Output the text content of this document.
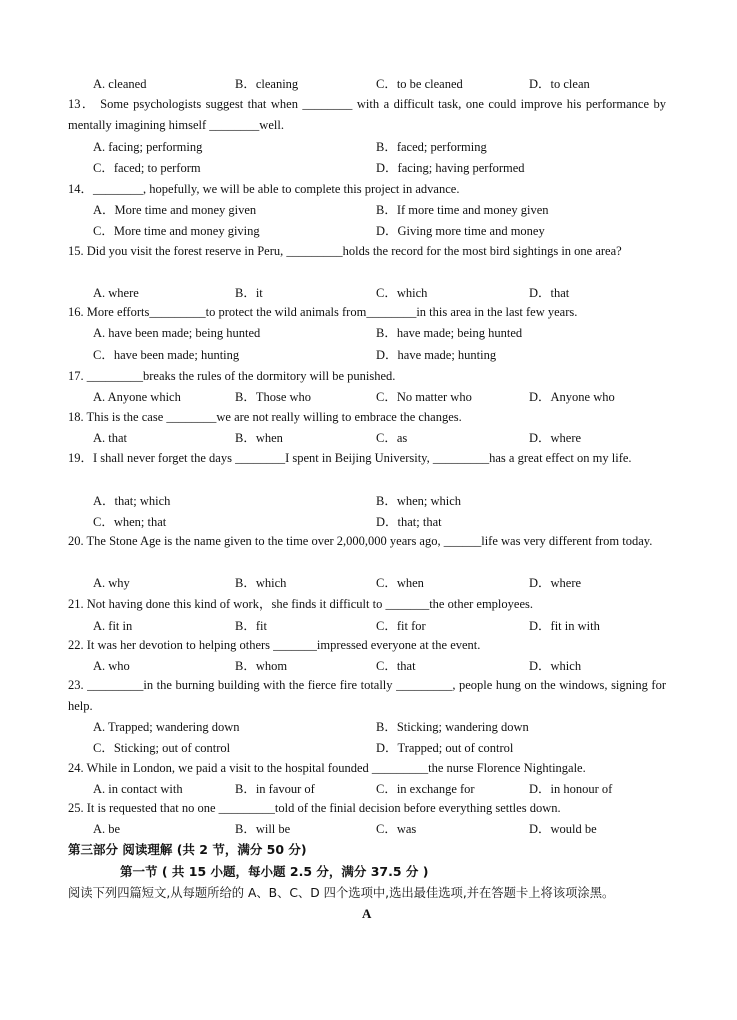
A. cleaned	B．cleaning	C．to be cleaned	D．to clean
13． Some psychologists suggest that when ________ with a difficult task, one could improve his performance by mentally imagining himself ________well.
A. facing; performing	B．faced; performing
C．faced; to perform	D．facing; having performed
14．________, hopefully, we will be able to complete this project in advance.
A．More time and money given	B．If more time and money given
C．More time and money giving	D．Giving more time and money
15. Did you visit the forest reserve in Peru, _________holds the record for the most bird sightings in one area?
A. where	B．it	C．which	D．that
16. More efforts_________to protect the wild animals from________in this area in the last few years.
A. have been made; being hunted	B．have made; being hunted
C．have been made; hunting	D．have made; hunting
17. _________breaks the rules of the dormitory will be punished.
A. Anyone which	B．Those who	C．No matter who	D．Anyone who
18. This is the case ________we are not really willing to embrace the changes.
A. that	B．when	C．as	D．where
19．I shall never forget the days ________I spent in Beijing University, _________has a great effect on my life.
A．that; which	B．when; which
C．when; that	D．that; that
20. The Stone Age is the name given to the time over 2,000,000 years ago, ______life was very different from today.
A. why	B．which	C．when	D．where
21. Not having done this kind of work，she finds it difficult to _______the other employees.
A. fit in	B．fit	C．fit for	D．fit in with
22. It was her devotion to helping others _______impressed everyone at the event.
A. who	B．whom	C．that	D．which
23. _________in the burning building with the fierce fire totally _________, people hung on the windows, signing for help.
A. Trapped; wandering down	B．Sticking; wandering down
C．Sticking; out of control	D．Trapped; out of control
24. While in London, we paid a visit to the hospital founded _________the nurse Florence Nightingale.
A. in contact with	B．in favour of	C．in exchange for	D．in honour of
25. It is requested that no one _________told of the finial decision before everything settles down.
A. be	B．will be	C．was	D．would be
第三部分 阅读理解 (共 2 节，满分 50 分)
第一节 ( 共 15 小题，每小题 2.5 分，满分 37.5 分 )
阅读下列四篇短文,从每题所给的 A、B、C、D 四个选项中,选出最佳选项,并在答题卡上将该项涂黑。
A
